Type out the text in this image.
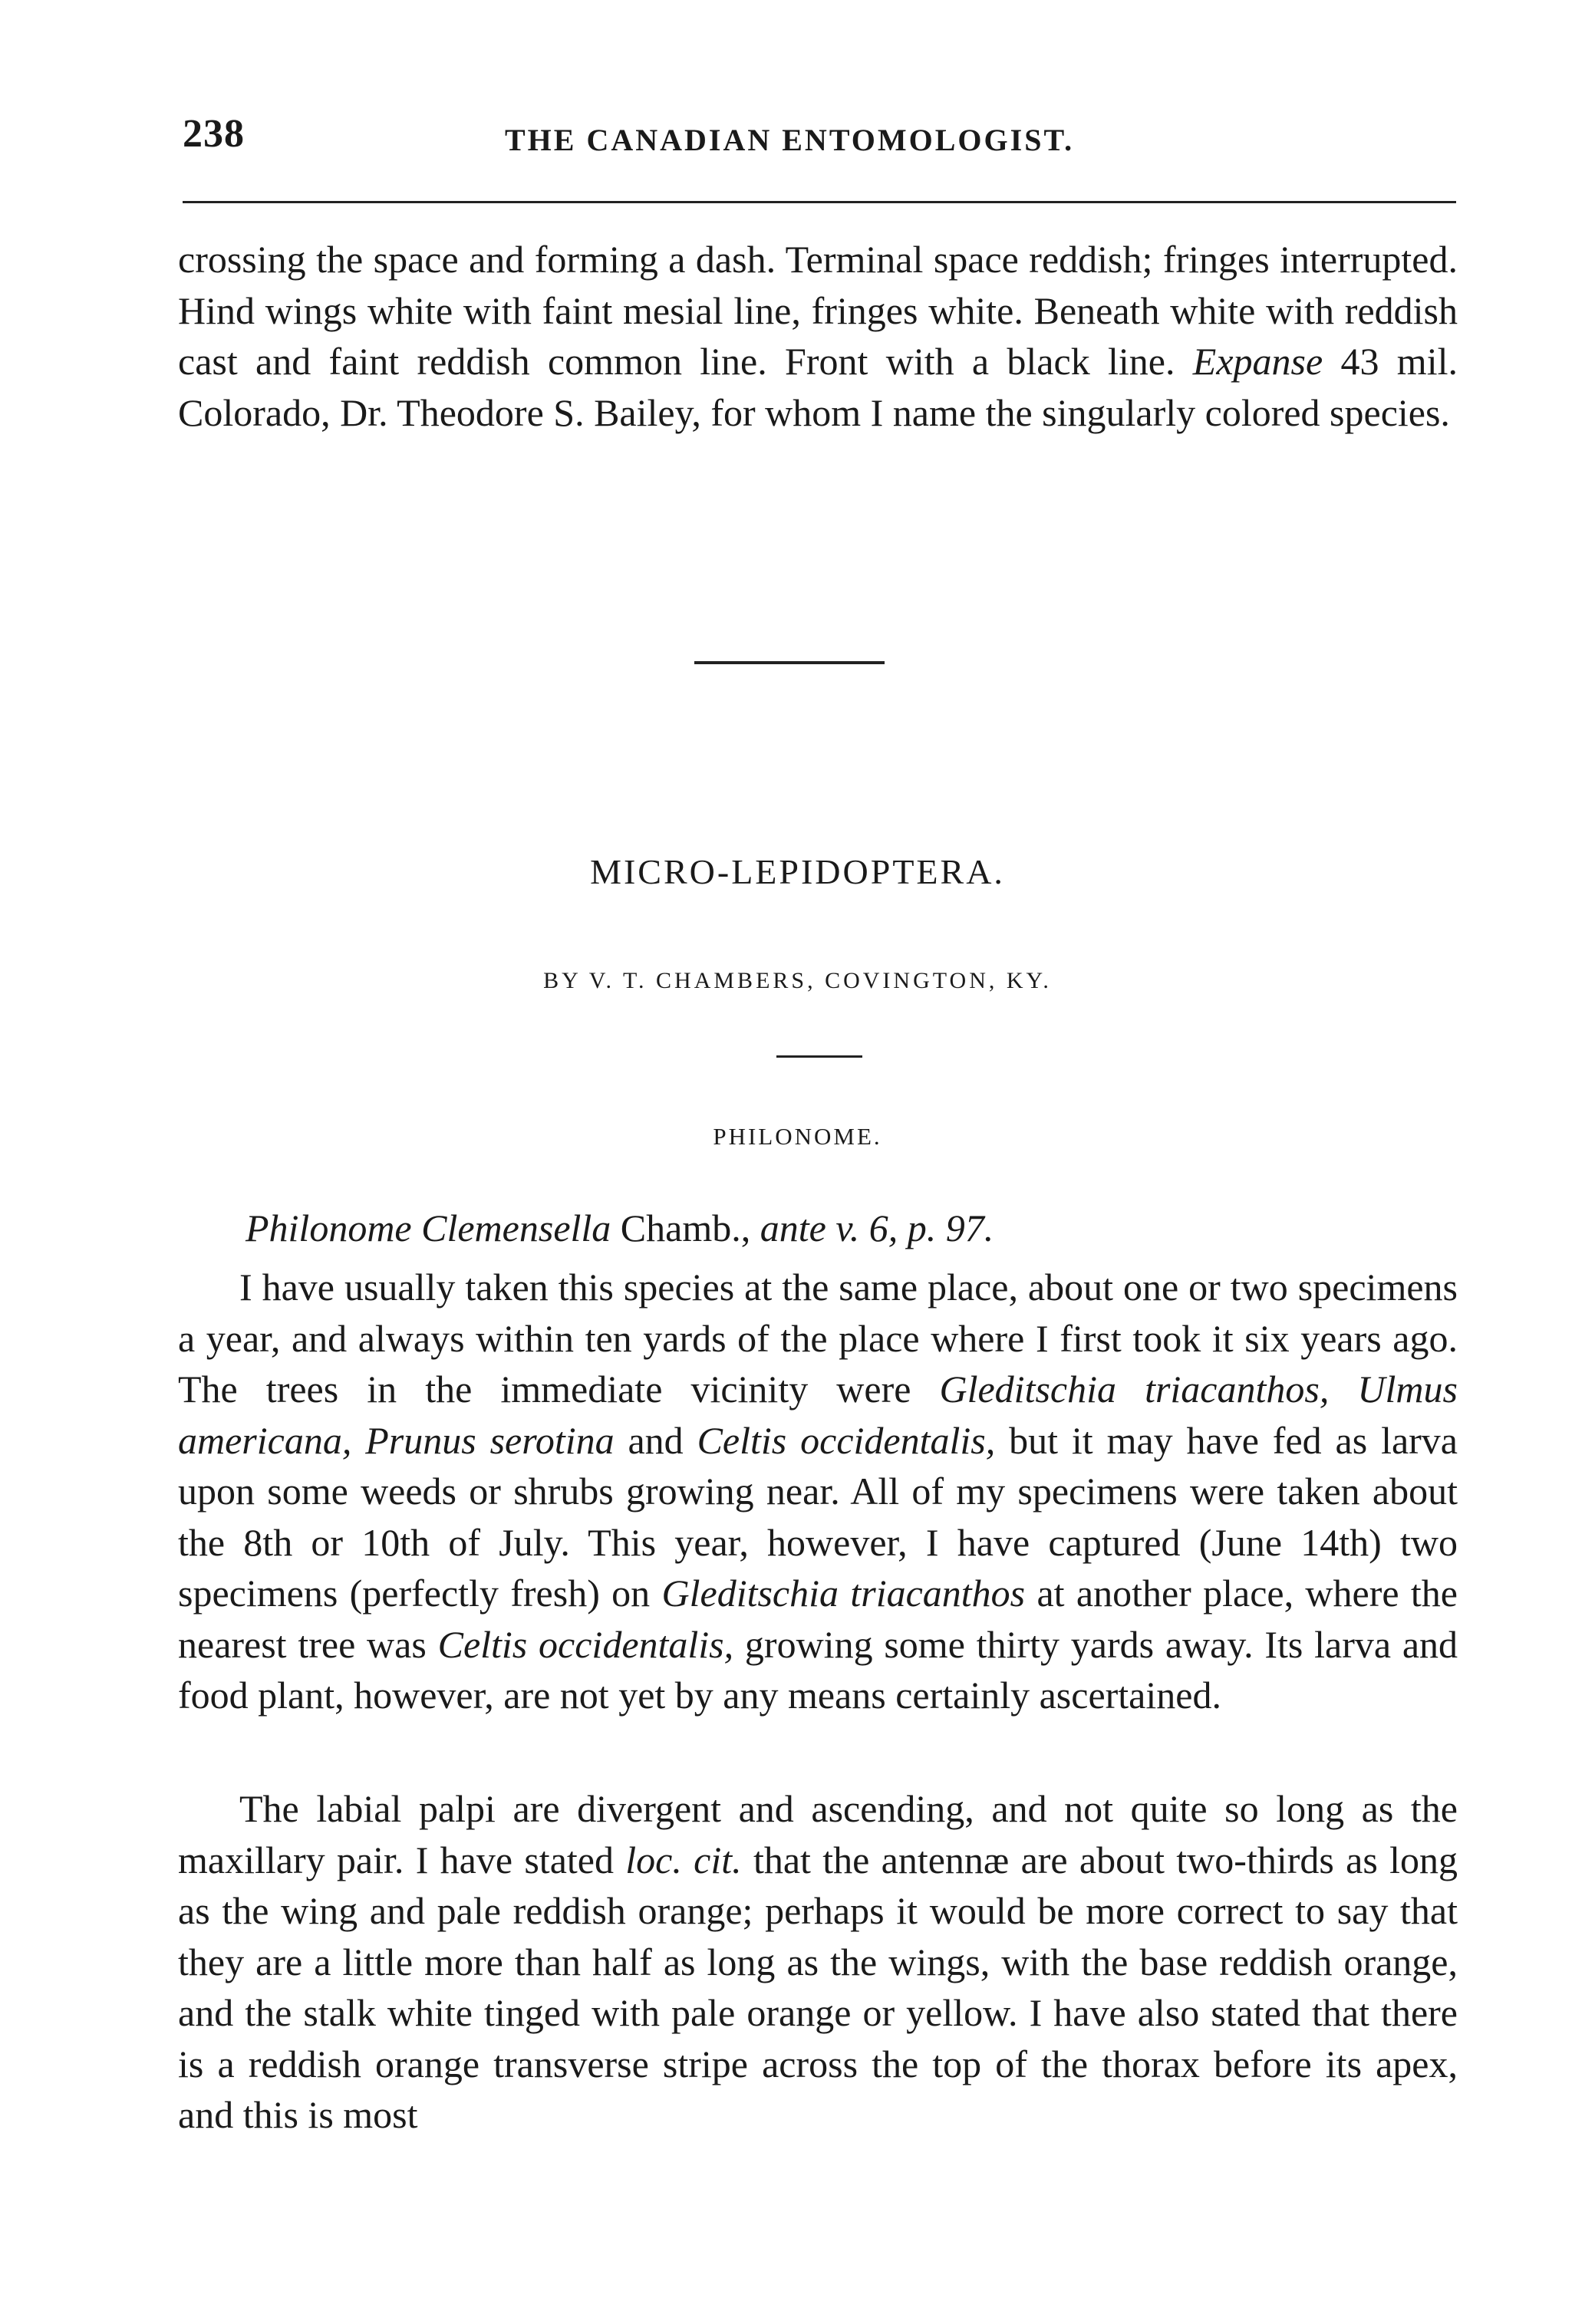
238	THE CANADIAN ENTOMOLOGIST.

crossing the space and forming a dash. Terminal space reddish; fringes interrupted. Hind wings white with faint mesial line, fringes white. Beneath white with reddish cast and faint reddish common line. Front with a black line. Expanse 43 mil. Colorado, Dr. Theodore S. Bailey, for whom I name the singularly colored species.

MICRO-LEPIDOPTERA.
BY V. T. CHAMBERS, COVINGTON, KY.
PHILONOME.
Philonome Clemensella Chamb., ante v. 6, p. 97.

I have usually taken this species at the same place, about one or two specimens a year, and always within ten yards of the place where I first took it six years ago. The trees in the immediate vicinity were Gleditschia triacanthos, Ulmus americana, Prunus serotina and Celtis occidentalis, but it may have fed as larva upon some weeds or shrubs growing near. All of my specimens were taken about the 8th or 10th of July. This year, however, I have captured (June 14th) two specimens (perfectly fresh) on Gleditschia triacanthos at another place, where the nearest tree was Celtis occidentalis, growing some thirty yards away. Its larva and food plant, however, are not yet by any means certainly ascertained.

The labial palpi are divergent and ascending, and not quite so long as the maxillary pair. I have stated loc. cit. that the antennæ are about two-thirds as long as the wing and pale reddish orange; perhaps it would be more correct to say that they are a little more than half as long as the wings, with the base reddish orange, and the stalk white tinged with pale orange or yellow. I have also stated that there is a reddish orange transverse stripe across the top of the thorax before its apex, and this is most
